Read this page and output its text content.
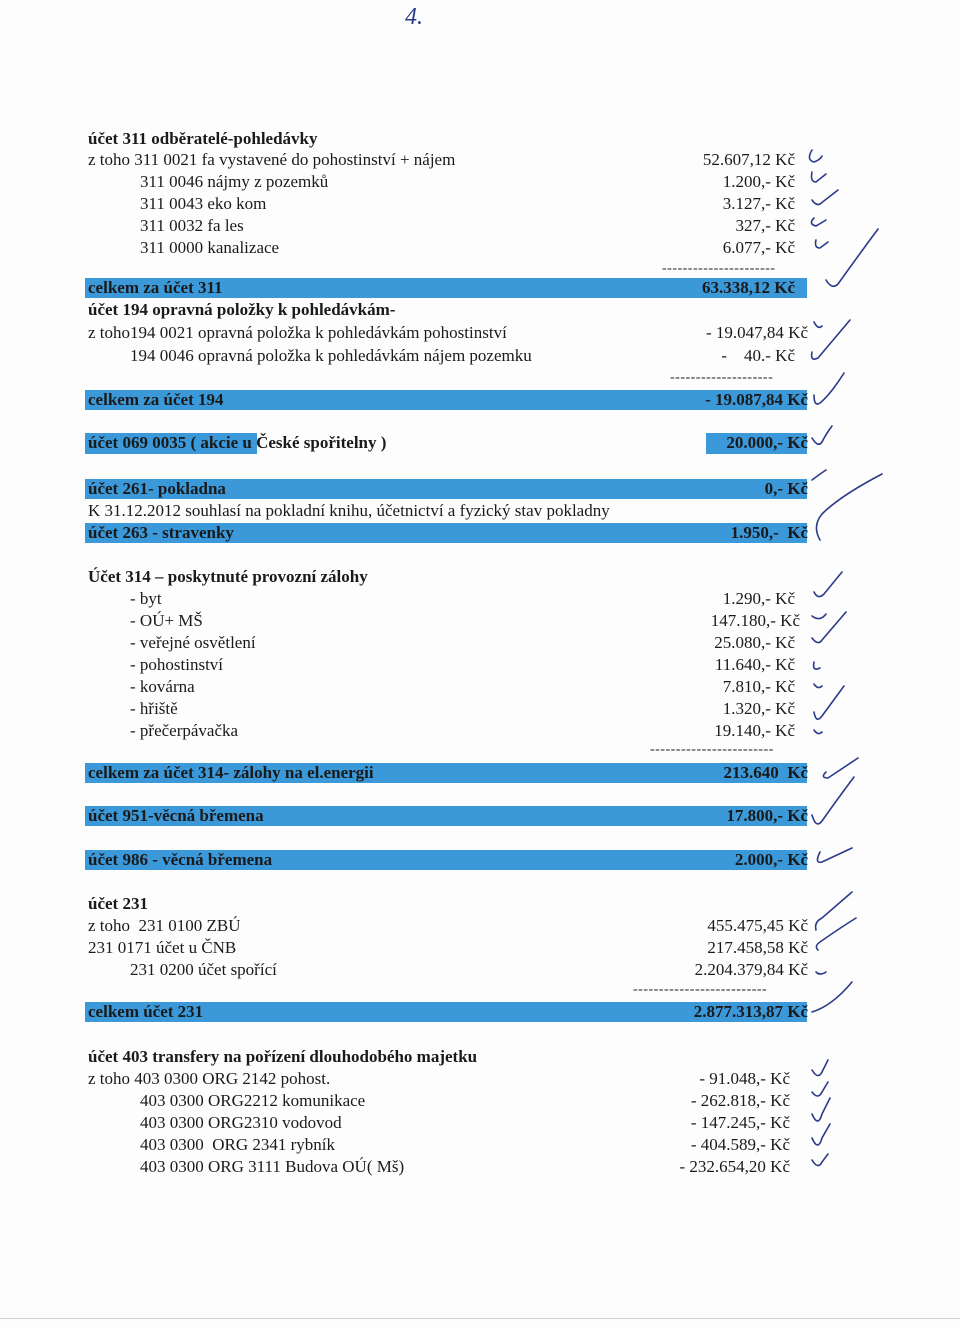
4.
účet 311 odběratelé-pohledávky
z toho 311 0021 fa vystavené do pohostinství + nájem	52.607,12 Kč
311 0046 nájmy z pozemků	1.200,- Kč
311 0043 eko kom	3.127,- Kč
311 0032 fa les	327,- Kč
311 0000 kanalizace	6.077,- Kč
----------------------
celkem za účet 311	63.338,12 Kč
účet 194 opravná položky k pohledávkám-
z toho194 0021 opravná položka k pohledávkám pohostinství	- 19.047,84 Kč
194 0046 opravná položka k pohledávkám nájem pozemku	-    40.- Kč
--------------------
celkem za účet 194	- 19.087,84 Kč
účet 069 0035 ( akcie u České spořitelny )	20.000,- Kč
účet 261- pokladna	0,- Kč
K 31.12.2012 souhlasí na pokladní knihu, účetnictví a fyzický stav pokladny
účet 263 - stravenky	1.950,-  Kč
Účet 314 – poskytnuté provozní zálohy
- byt	1.290,- Kč
- OÚ+ MŠ	147.180,- Kč
- veřejné osvětlení	25.080,- Kč
- pohostinství	11.640,- Kč
- kovárna	7.810,- Kč
- hřiště	1.320,- Kč
- přečerpávačka	19.140,- Kč
------------------------
celkem za účet 314- zálohy na el.energii	213.640  Kč
účet 951-věcná břemena	17.800,- Kč
účet 986 - věcná břemena	2.000,- Kč
účet 231
z toho  231 0100 ZBÚ	455.475,45 Kč
231 0171 účet u ČNB	217.458,58 Kč
231 0200 účet spořící	2.204.379,84 Kč
--------------------------
celkem účet 231	2.877.313,87 Kč
účet 403 transfery na pořízení dlouhodobého majetku
z toho 403 0300 ORG 2142 pohost.	- 91.048,- Kč
403 0300 ORG2212 komunikace	- 262.818,- Kč
403 0300 ORG2310 vodovod	- 147.245,- Kč
403 0300  ORG 2341 rybník	- 404.589,- Kč
403 0300 ORG 3111 Budova OÚ( Mš)	- 232.654,20 Kč
